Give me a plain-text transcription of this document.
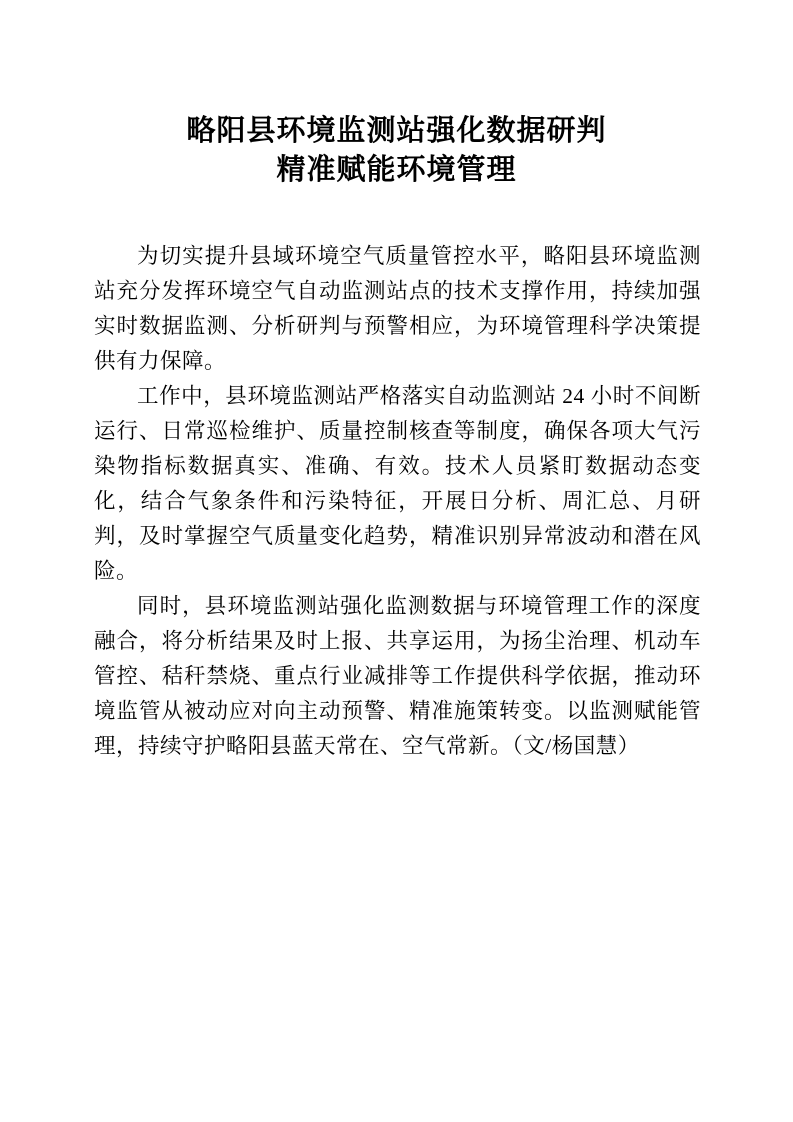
略阳县环境监测站强化数据研判
精准赋能环境管理

为切实提升县域环境空气质量管控水平，略阳县环境监测站充分发挥环境空气自动监测站点的技术支撑作用，持续加强实时数据监测、分析研判与预警相应，为环境管理科学决策提供有力保障。

工作中，县环境监测站严格落实自动监测站 24 小时不间断运行、日常巡检维护、质量控制核查等制度，确保各项大气污染物指标数据真实、准确、有效。技术人员紧盯数据动态变化，结合气象条件和污染特征，开展日分析、周汇总、月研判，及时掌握空气质量变化趋势，精准识别异常波动和潜在风险。

同时，县环境监测站强化监测数据与环境管理工作的深度融合，将分析结果及时上报、共享运用，为扬尘治理、机动车管控、秸秆禁烧、重点行业减排等工作提供科学依据，推动环境监管从被动应对向主动预警、精准施策转变。以监测赋能管理，持续守护略阳县蓝天常在、空气常新。（文/杨国慧）
